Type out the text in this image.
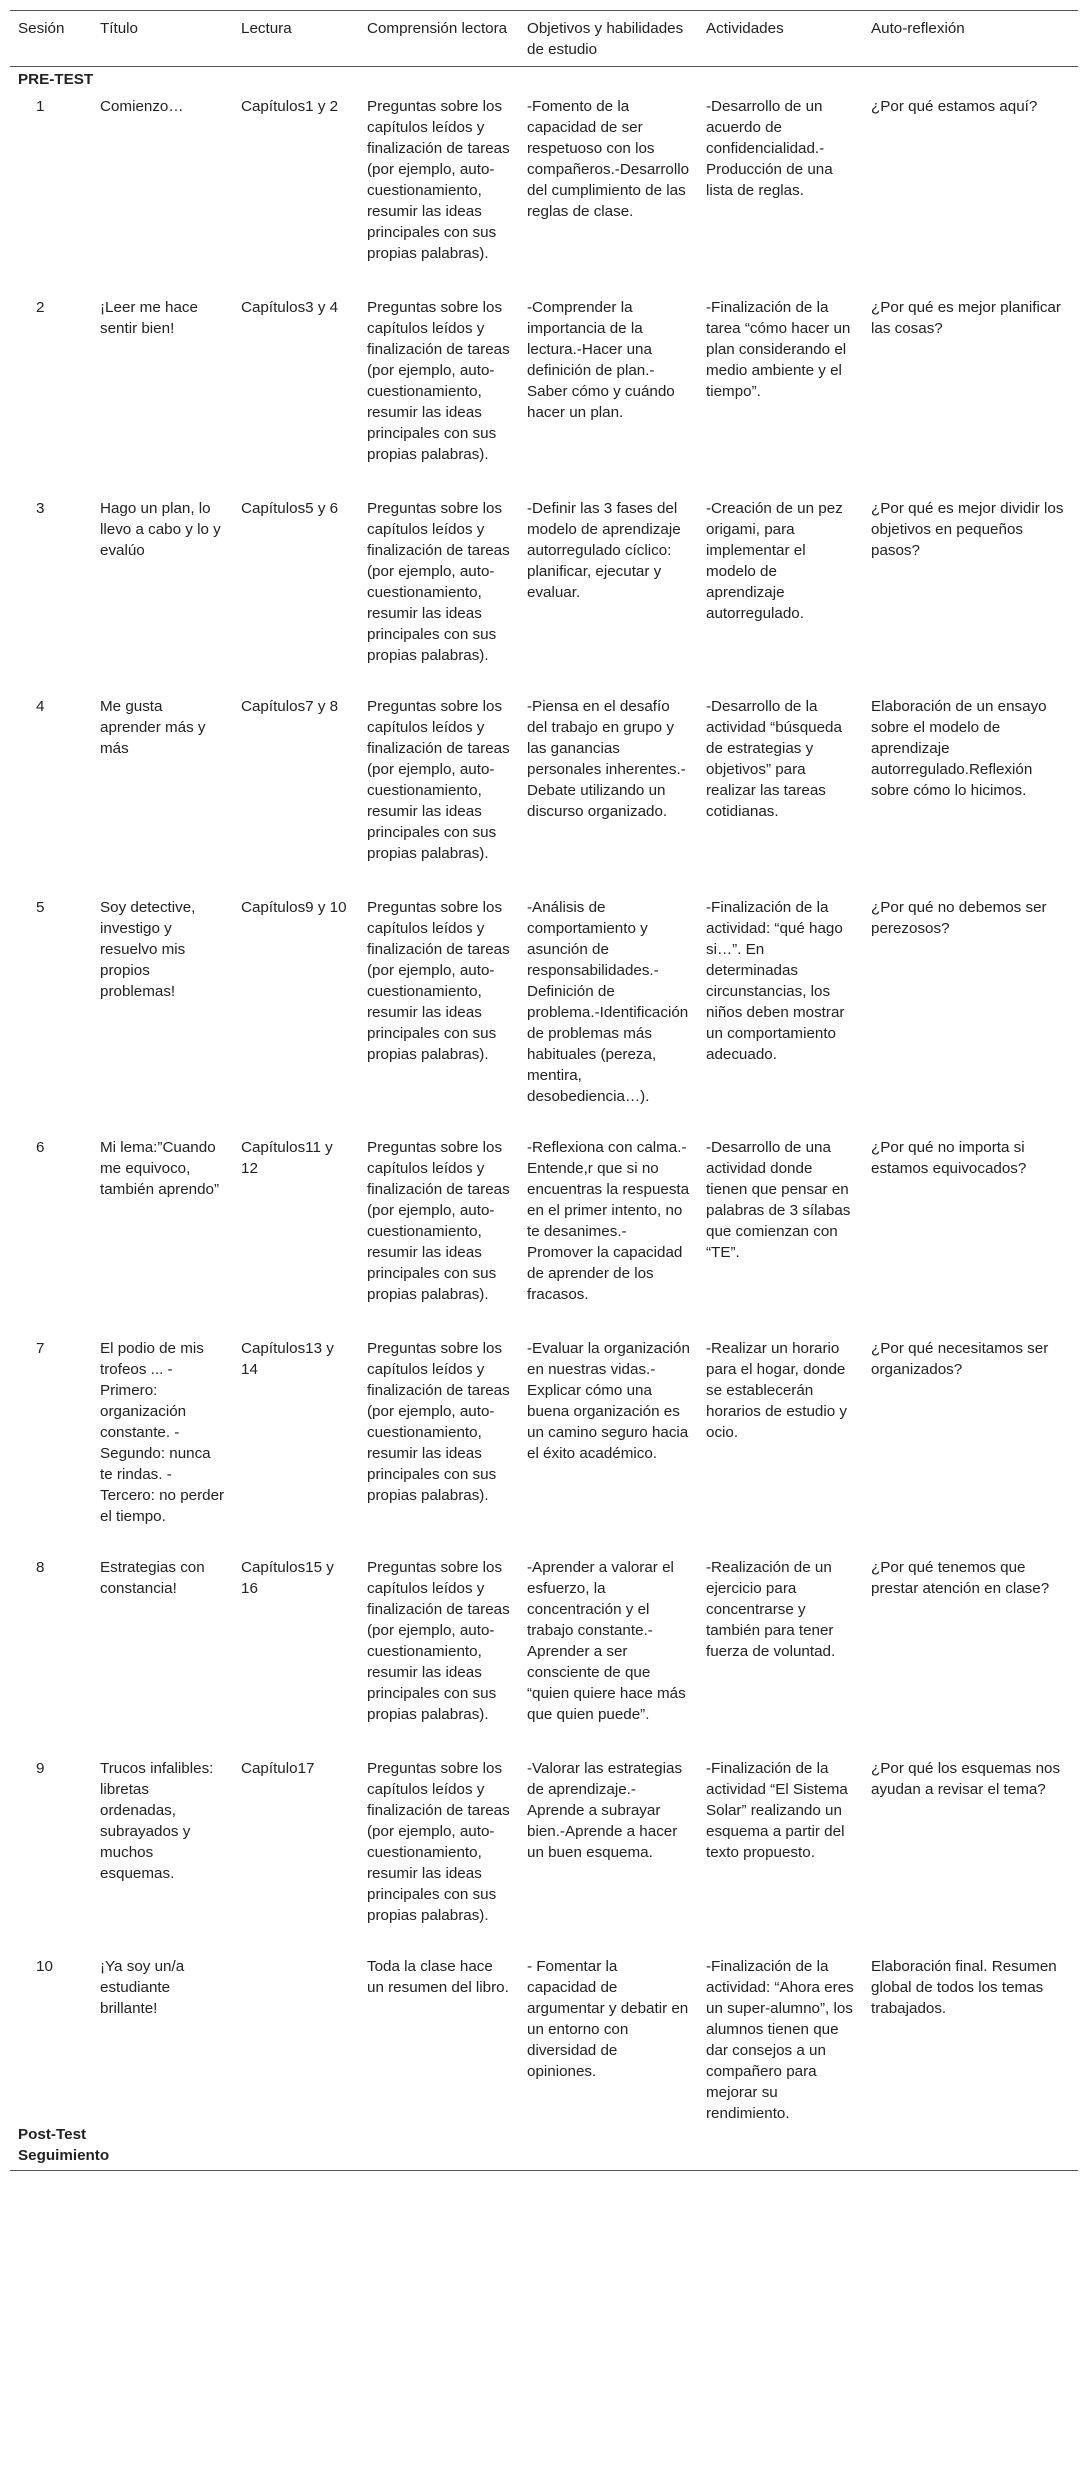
Sesión	Título	Lectura	Comprensión lectora	Objetivos y habilidades de estudio	Actividades	Auto-reflexión
PRE-TEST						
1	Comienzo…	Capítulos1 y 2	Preguntas sobre los capítulos leídos y finalización de tareas (por ejemplo, auto-cuestionamiento, resumir las ideas principales con sus propias palabras).	-Fomento de la capacidad de ser respetuoso con los compañeros.-Desarrollo del cumplimiento de las reglas de clase.	-Desarrollo de un acuerdo de confidencialidad.-Producción de una lista de reglas.	¿Por qué estamos aquí?
2	¡Leer me hace sentir bien!	Capítulos3 y 4	Preguntas sobre los capítulos leídos y finalización de tareas (por ejemplo, auto-cuestionamiento, resumir las ideas principales con sus propias palabras).	-Comprender la importancia de la lectura.-Hacer una definición de plan.-Saber cómo y cuándo hacer un plan.	-Finalización de la tarea “cómo hacer un plan considerando el medio ambiente y el tiempo”.	¿Por qué es mejor planificar las cosas?
3	Hago un plan, lo llevo a cabo y lo y evalúo	Capítulos5 y 6	Preguntas sobre los capítulos leídos y finalización de tareas (por ejemplo, auto-cuestionamiento, resumir las ideas principales con sus propias palabras).	-Definir las 3 fases del modelo de aprendizaje autorregulado cíclico: planificar, ejecutar y evaluar.	-Creación de un pez origami, para implementar el modelo de aprendizaje autorregulado.	¿Por qué es mejor dividir los objetivos en pequeños pasos?
4	Me gusta aprender más y más	Capítulos7 y 8	Preguntas sobre los capítulos leídos y finalización de tareas (por ejemplo, auto-cuestionamiento, resumir las ideas principales con sus propias palabras).	-Piensa en el desafío del trabajo en grupo y las ganancias personales inherentes.-Debate utilizando un discurso organizado.	-Desarrollo de la actividad “búsqueda de estrategias y objetivos” para realizar las tareas cotidianas.	Elaboración de un ensayo sobre el modelo de aprendizaje autorregulado.Reflexión sobre cómo lo hicimos.
5	Soy detective, investigo y resuelvo mis propios problemas!	Capítulos9 y 10	Preguntas sobre los capítulos leídos y finalización de tareas (por ejemplo, auto-cuestionamiento, resumir las ideas principales con sus propias palabras).	-Análisis de comportamiento y asunción de responsabilidades.-Definición de problema.-Identificación de problemas más habituales (pereza, mentira, desobediencia…).	-Finalización de la actividad: “qué hago si…”. En determinadas circunstancias, los niños deben mostrar un comportamiento adecuado.	¿Por qué no debemos ser perezosos?
6	Mi lema:”Cuando me equivoco, también aprendo”	Capítulos11 y 12	Preguntas sobre los capítulos leídos y finalización de tareas (por ejemplo, auto-cuestionamiento, resumir las ideas principales con sus propias palabras).	-Reflexiona con calma.-Entende,r que si no encuentras la respuesta en el primer intento, no te desanimes.-Promover la capacidad de aprender de los fracasos.	-Desarrollo de una actividad donde tienen que pensar en palabras de 3 sílabas que comienzan con “TE”.	¿Por qué no importa si estamos equivocados?
7	El podio de mis trofeos ... -Primero: organización constante. -Segundo: nunca te rindas. -Tercero: no perder el tiempo.	Capítulos13 y 14	Preguntas sobre los capítulos leídos y finalización de tareas (por ejemplo, auto-cuestionamiento, resumir las ideas principales con sus propias palabras).	-Evaluar la organización en nuestras vidas.-Explicar cómo una buena organización es un camino seguro hacia el éxito académico.	-Realizar un horario para el hogar, donde se establecerán horarios de estudio y ocio.	¿Por qué necesitamos ser organizados?
8	Estrategias con constancia!	Capítulos15 y 16	Preguntas sobre los capítulos leídos y finalización de tareas (por ejemplo, auto-cuestionamiento, resumir las ideas principales con sus propias palabras).	-Aprender a valorar el esfuerzo, la concentración y el trabajo constante.-Aprender a ser consciente de que “quien quiere hace más que quien puede”.	-Realización de un ejercicio para concentrarse y también para tener fuerza de voluntad.	¿Por qué tenemos que prestar atención en clase?
9	Trucos infalibles: libretas ordenadas, subrayados y muchos esquemas.	Capítulo17	Preguntas sobre los capítulos leídos y finalización de tareas (por ejemplo, auto-cuestionamiento, resumir las ideas principales con sus propias palabras).	-Valorar las estrategias de aprendizaje.-Aprende a subrayar bien.-Aprende a hacer un buen esquema.	-Finalización de la actividad “El Sistema Solar” realizando un esquema a partir del texto propuesto.	¿Por qué los esquemas nos ayudan a revisar el tema?
10	¡Ya soy un/a estudiante brillante!		Toda la clase hace un resumen del libro.	- Fomentar la capacidad de argumentar y debatir en un entorno con diversidad de opiniones.	-Finalización de la actividad: “Ahora eres un super-alumno”, los alumnos tienen que dar consejos a un compañero para mejorar su rendimiento.	Elaboración final. Resumen global de todos los temas trabajados.
Post-Test						
Seguimiento						
